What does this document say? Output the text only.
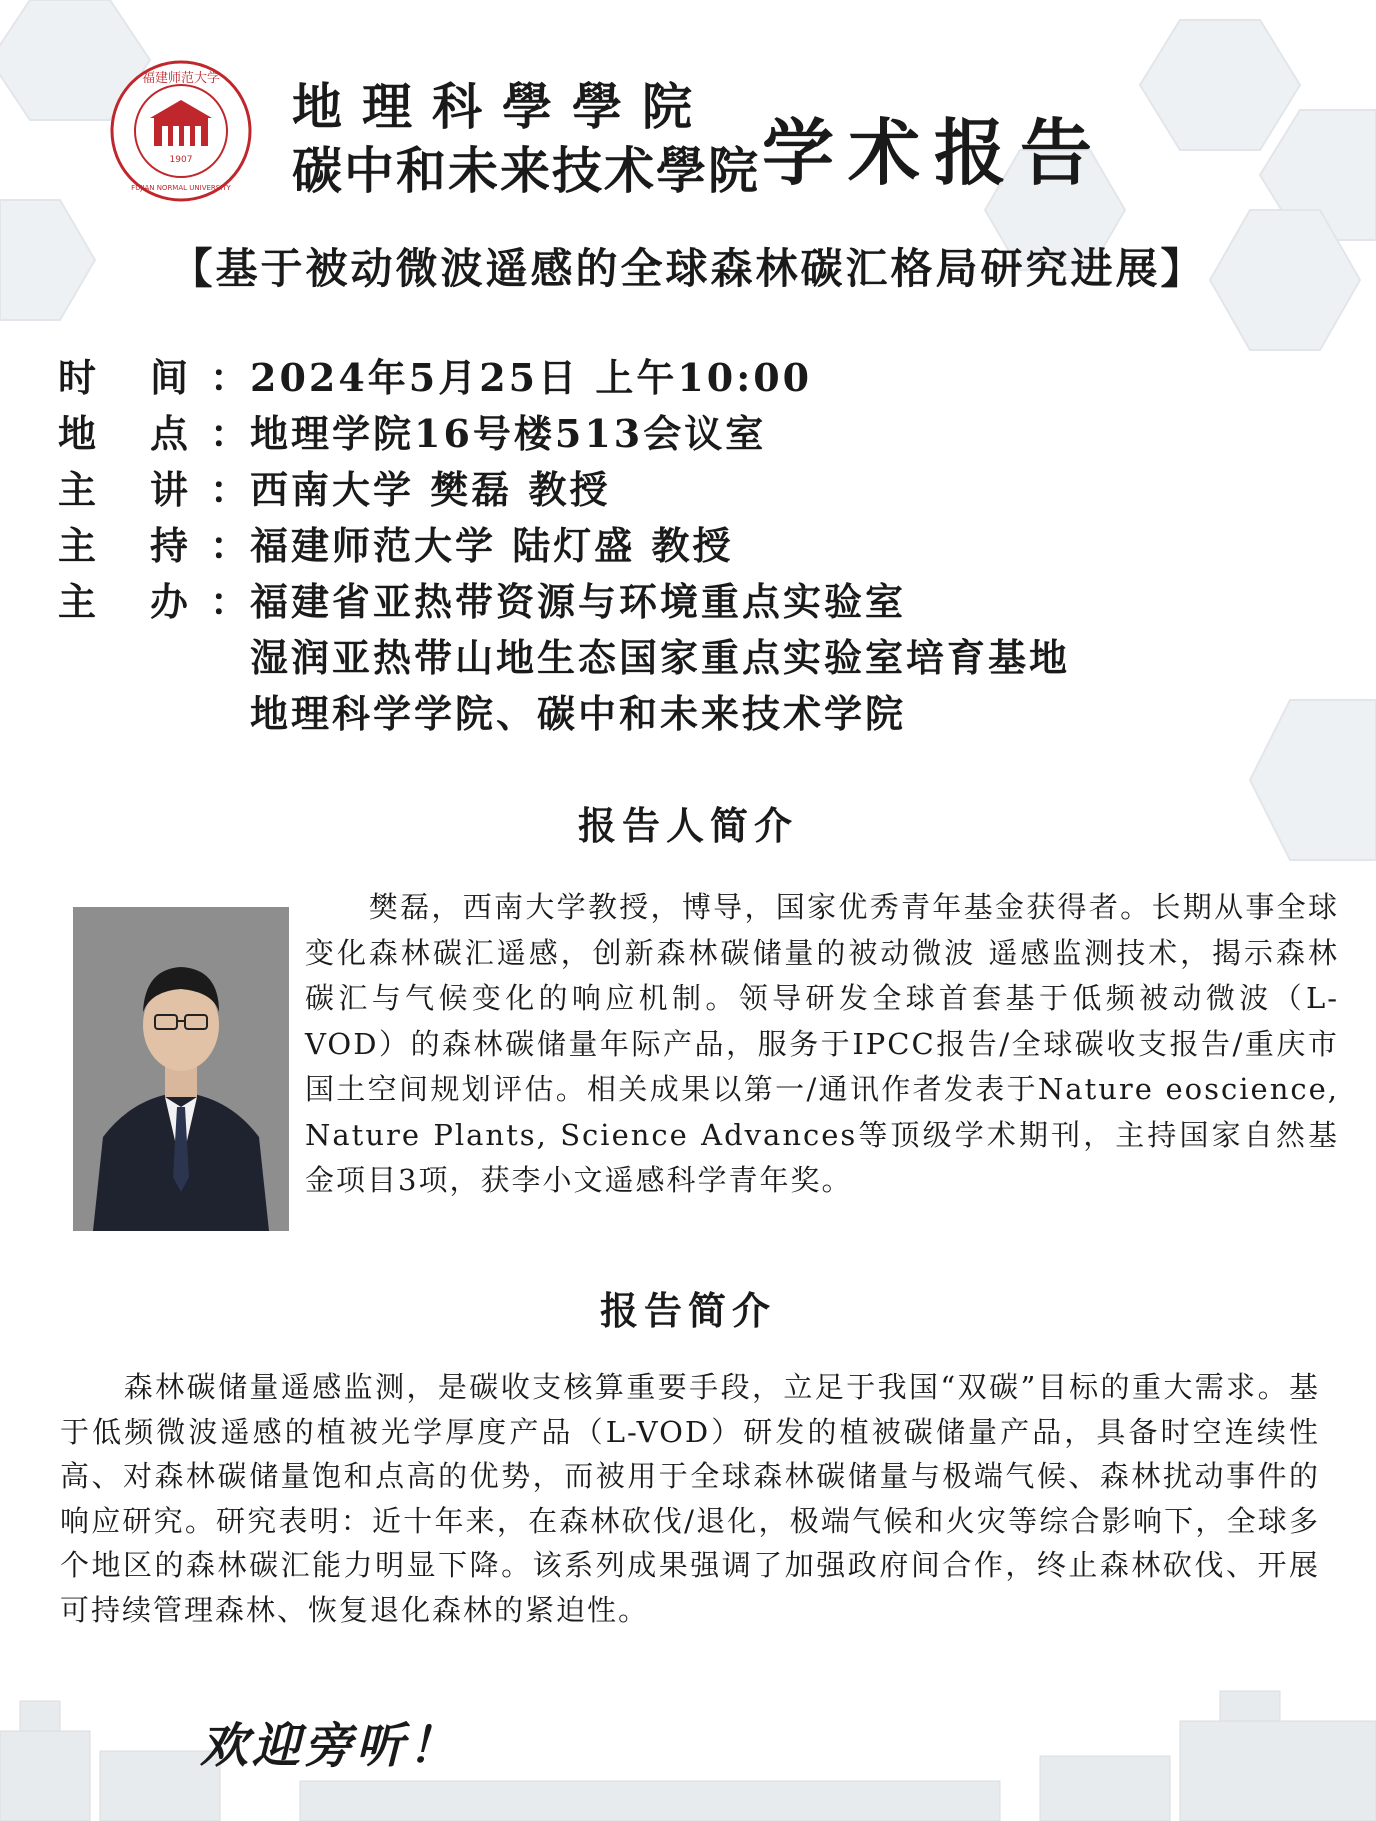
1907
福建师范大学
FUJIAN NORMAL UNIVERSITY
地理科學學院
碳中和未来技术學院 学术报告
【基于被动微波遥感的全球森林碳汇格局研究进展】
时	间 ： 2024年5月25日 上午10:00
地	点 ： 地理学院16号楼513会议室
主	讲 ： 西南大学 樊磊 教授
主	持 ： 福建师范大学 陆灯盛 教授
主	办 ： 福建省亚热带资源与环境重点实验室
湿润亚热带山地生态国家重点实验室培育基地
地理科学学院、碳中和未来技术学院
报告人简介

樊磊，西南大学教授，博导，国家优秀青年基金获得者。长期从事全球变化森林碳汇遥感，创新森林碳储量的被动微波 遥感监测技术，揭示森林碳汇与气候变化的响应机制。领导研发全球首套基于低频被动微波（L-VOD）的森林碳储量年际产品，服务于IPCC报告/全球碳收支报告/重庆市国土空间规划评估。相关成果以第一/通讯作者发表于Nature eoscience, Nature Plants, Science Advances等顶级学术期刊，主持国家自然基金项目3项，获李小文遥感科学青年奖。

报告简介

森林碳储量遥感监测，是碳收支核算重要手段，立足于我国“双碳”目标的重大需求。基于低频微波遥感的植被光学厚度产品（L-VOD）研发的植被碳储量产品，具备时空连续性高、对森林碳储量饱和点高的优势，而被用于全球森林碳储量与极端气候、森林扰动事件的响应研究。研究表明：近十年来，在森林砍伐/退化，极端气候和火灾等综合影响下，全球多个地区的森林碳汇能力明显下降。该系列成果强调了加强政府间合作，终止森林砍伐、开展可持续管理森林、恢复退化森林的紧迫性。

欢迎旁听！
